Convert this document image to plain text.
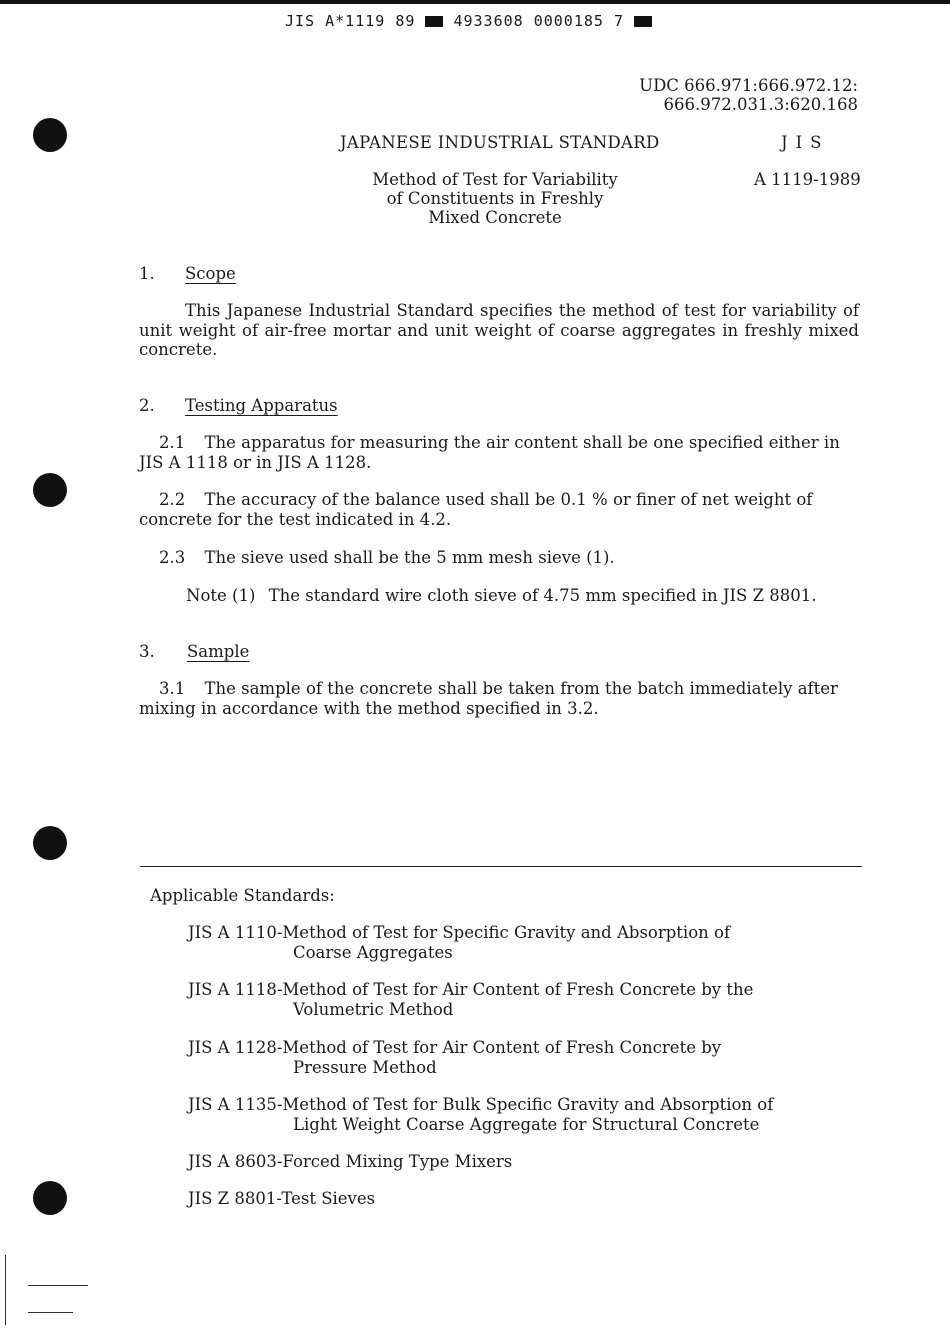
JIS A*1119 89	4933608 0000185 7
UDC 666.971:666.972.12:
666.972.031.3:620.168
JAPANESE INDUSTRIAL STANDARD	JIS
Method of Test for Variability
of Constituents in Freshly
Mixed Concrete
A 1119-1989
1. Scope
This Japanese Industrial Standard specifies the method of test for variability of unit weight of air-free mortar and unit weight of coarse aggregates in freshly mixed concrete.
2. Testing Apparatus
2.1 The apparatus for measuring the air content shall be one specified either in JIS A 1118 or in JIS A 1128.
2.2 The accuracy of the balance used shall be 0.1 % or finer of net weight of concrete for the test indicated in 4.2.
2.3 The sieve used shall be the 5 mm mesh sieve (1).
Note (1) The standard wire cloth sieve of 4.75 mm specified in JIS Z 8801.
3. Sample
3.1 The sample of the concrete shall be taken from the batch immediately after mixing in accordance with the method specified in 3.2.
Applicable Standards:
JIS A 1110-Method of Test for Specific Gravity and Absorption of
Coarse Aggregates
JIS A 1118-Method of Test for Air Content of Fresh Concrete by the
Volumetric Method
JIS A 1128-Method of Test for Air Content of Fresh Concrete by
Pressure Method
JIS A 1135-Method of Test for Bulk Specific Gravity and Absorption of
Light Weight Coarse Aggregate for Structural Concrete
JIS A 8603-Forced Mixing Type Mixers
JIS Z 8801-Test Sieves
